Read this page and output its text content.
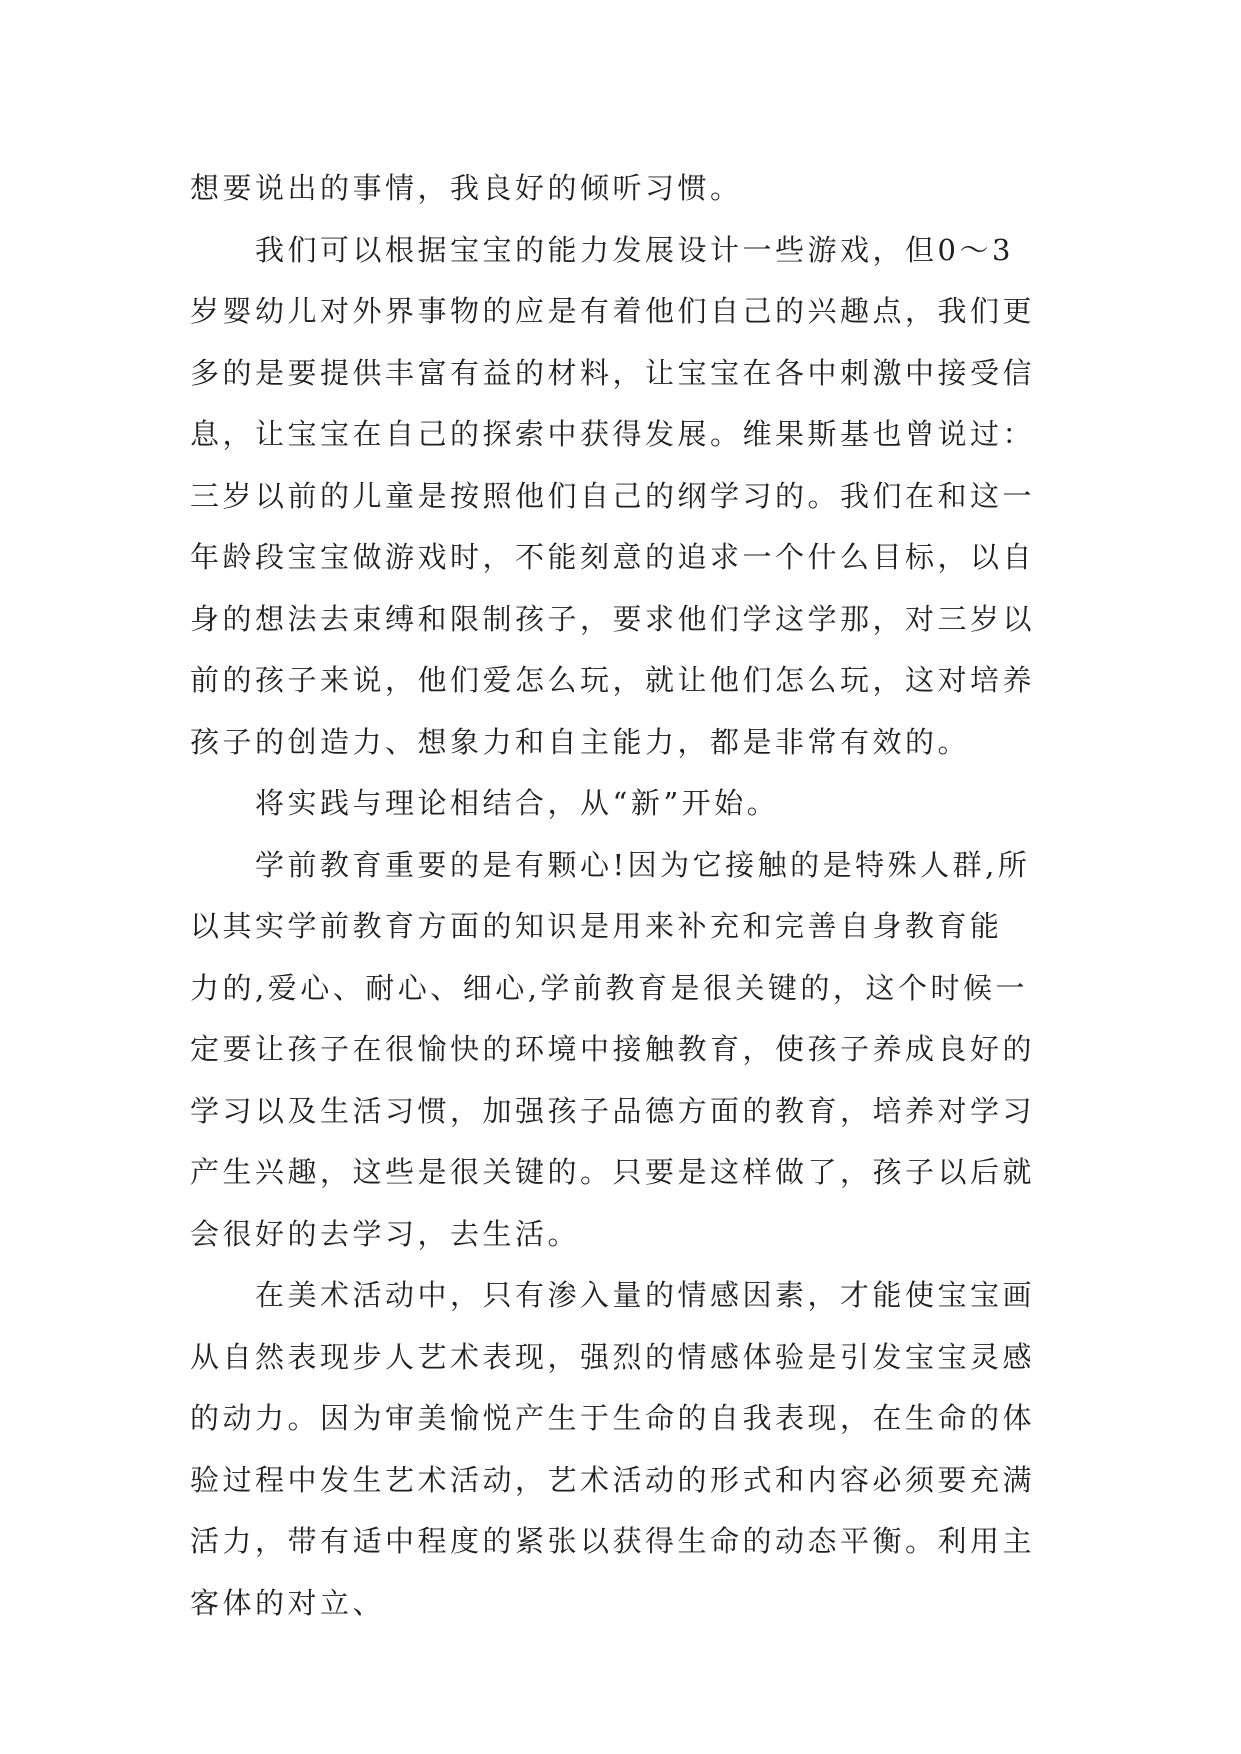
想要说出的事情，我良好的倾听习惯。
　　我们可以根据宝宝的能力发展设计一些游戏，但0～3
岁婴幼儿对外界事物的应是有着他们自己的兴趣点，我们更
多的是要提供丰富有益的材料，让宝宝在各中刺激中接受信
息，让宝宝在自己的探索中获得发展。维果斯基也曾说过：
三岁以前的儿童是按照他们自己的纲学习的。我们在和这一
年龄段宝宝做游戏时，不能刻意的追求一个什么目标，以自
身的想法去束缚和限制孩子，要求他们学这学那，对三岁以
前的孩子来说，他们爱怎么玩，就让他们怎么玩，这对培养
孩子的创造力、想象力和自主能力，都是非常有效的。
　　将实践与理论相结合，从“新”开始。
　　学前教育重要的是有颗心!因为它接触的是特殊人群,所
以其实学前教育方面的知识是用来补充和完善自身教育能
力的,爱心、耐心、细心,学前教育是很关键的，这个时候一
定要让孩子在很愉快的环境中接触教育，使孩子养成良好的
学习以及生活习惯，加强孩子品德方面的教育，培养对学习
产生兴趣，这些是很关键的。只要是这样做了，孩子以后就
会很好的去学习，去生活。
　　在美术活动中，只有渗入量的情感因素，才能使宝宝画
从自然表现步人艺术表现，强烈的情感体验是引发宝宝灵感
的动力。因为审美愉悦产生于生命的自我表现，在生命的体
验过程中发生艺术活动，艺术活动的形式和内容必须要充满
活力，带有适中程度的紧张以获得生命的动态平衡。利用主
客体的对立、
